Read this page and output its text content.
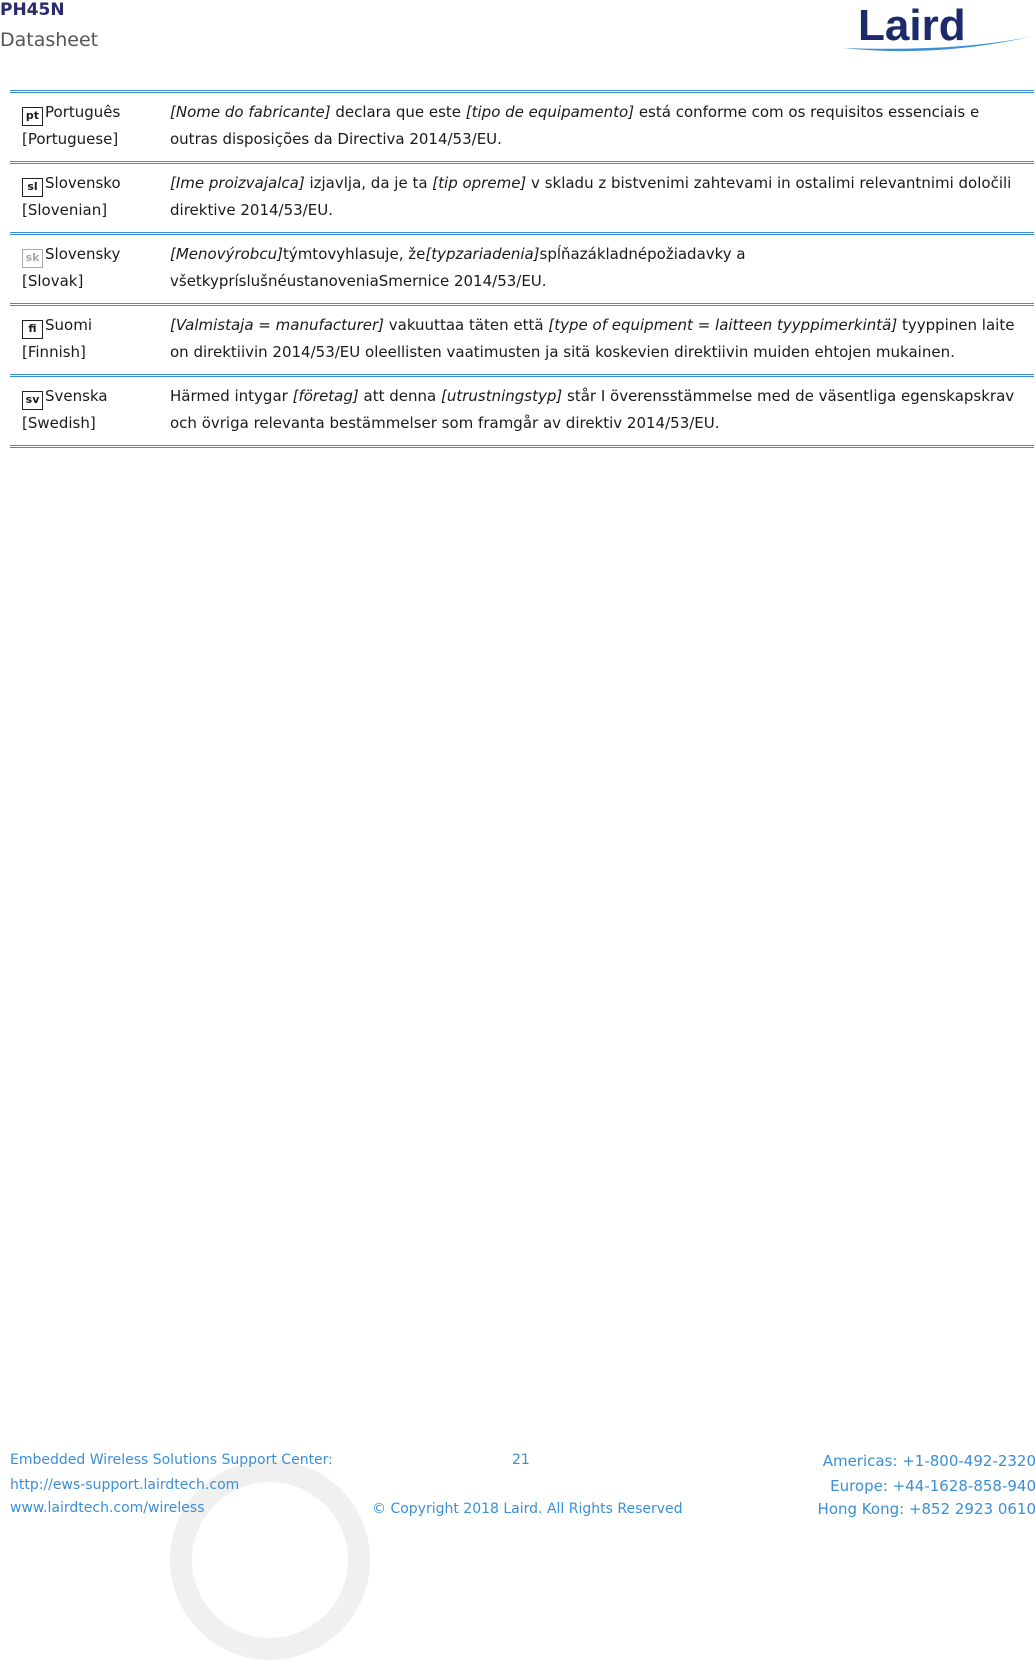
PH45N
Datasheet	Laird
pt Português
[Portuguese]	[Nome do fabricante] declara que este [tipo de equipamento] está conforme com os requisitos essenciais e outras disposições da Directiva 2014/53/EU.
sl Slovensko
[Slovenian]	[Ime proizvajalca] izjavlja, da je ta [tip opreme] v skladu z bistvenimi zahtevami in ostalimi relevantnimi določili direktive 2014/53/EU.
sk Slovensky
[Slovak]	[Menovýrobcu]týmtovyhlasuje, že[typzariadenia]spĺňazákladnépožiadavky a všetkypríslušnéustanoveniaSmernice 2014/53/EU.
fi Suomi
[Finnish]	[Valmistaja = manufacturer] vakuuttaa täten että [type of equipment = laitteen tyyppimerkintä] tyyppinen laite on direktiivin 2014/53/EU oleellisten vaatimusten ja sitä koskevien direktiivin muiden ehtojen mukainen.
sv Svenska
[Swedish]	Härmed intygar [företag] att denna [utrustningstyp] står I överensstämmelse med de väsentliga egenskapskrav och övriga relevanta bestämmelser som framgår av direktiv 2014/53/EU.
Embedded Wireless Solutions Support Center:
http://ews-support.lairdtech.com
www.lairdtech.com/wireless
21
© Copyright 2018 Laird. All Rights Reserved
Americas: +1-800-492-2320
Europe: +44-1628-858-940
Hong Kong: +852 2923 0610
